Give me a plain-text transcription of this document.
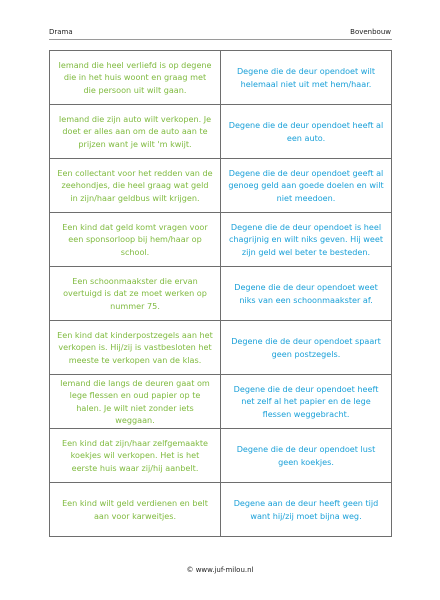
Drama	Bovenbouw
Iemand die heel verliefd is op degene die in het huis woont en graag met die persoon uit wilt gaan.	Degene die de deur opendoet wilt helemaal niet uit met hem/haar.
Iemand die zijn auto wilt verkopen. Je doet er alles aan om de auto aan te prijzen want je wilt 'm kwijt.	Degene die de deur opendoet heeft al een auto.
Een collectant voor het redden van de zeehondjes, die heel graag wat geld in zijn/haar geldbus wilt krijgen.	Degene die de deur opendoet geeft al genoeg geld aan goede doelen en wilt niet meedoen.
Een kind dat geld komt vragen voor een sponsorloop bij hem/haar op school.	Degene die de deur opendoet is heel chagrijnig en wilt niks geven. Hij weet zijn geld wel beter te besteden.
Een schoonmaakster die ervan overtuigd is dat ze moet werken op nummer 75.	Degene die de deur opendoet weet niks van een schoonmaakster af.
Een kind dat kinderpostzegels aan het verkopen is. Hij/zij is vastbesloten het meeste te verkopen van de klas.	Degene die de deur opendoet spaart geen postzegels.
Iemand die langs de deuren gaat om lege flessen en oud papier op te halen. Je wilt niet zonder iets weggaan.	Degene die de deur opendoet heeft net zelf al het papier en de lege flessen weggebracht.
Een kind dat zijn/haar zelfgemaakte koekjes wil verkopen. Het is het eerste huis waar zij/hij aanbelt.	Degene die de deur opendoet lust geen koekjes.
Een kind wilt geld verdienen en belt aan voor karweitjes.	Degene aan de deur heeft geen tijd want hij/zij moet bijna weg.
© www.juf-milou.nl
